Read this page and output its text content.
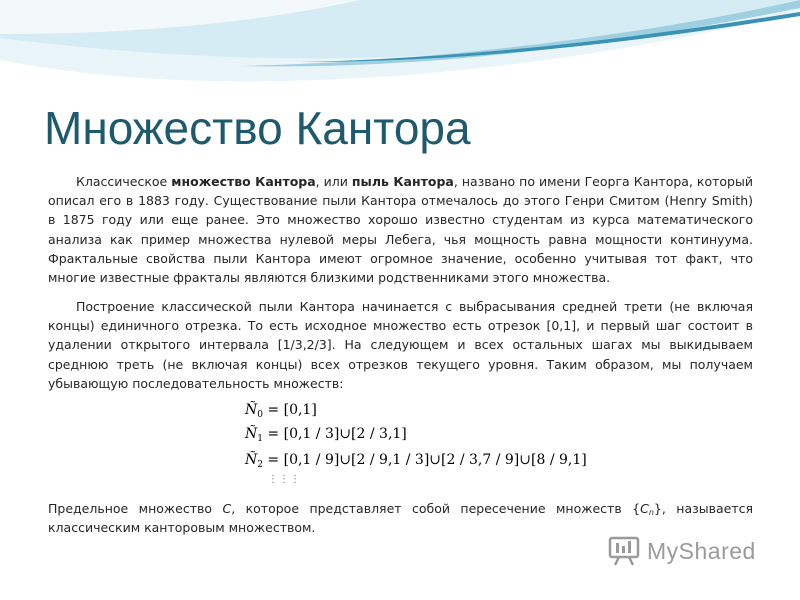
Множество Кантора

Классическое множество Кантора, или пыль Кантора, названо по имени Георга Кантора, который описал его в 1883 году. Существование пыли Кантора отмечалось до этого Генри Смитом (Henry Smith) в 1875 году или еще ранее. Это множество хорошо известно студентам из курса математического анализа как пример множества нулевой меры Лебега, чья мощность равна мощности континуума. Фрактальные свойства пыли Кантора имеют огромное значение, особенно учитывая тот факт, что многие известные фракталы являются близкими родственниками этого множества.

Построение классической пыли Кантора начинается с выбрасывания средней трети (не включая концы) единичного отрезка. То есть исходное множество есть отрезок [0,1], и первый шаг состоит в удалении открытого интервала [1/3,2/3]. На следующем и всех остальных шагах мы выкидываем среднюю треть (не включая концы) всех отрезков текущего уровня. Таким образом, мы получаем убывающую последовательность множеств:

$Ñ_0 = [0,1]$
$Ñ_1 = [0,1$ / 3]∪[2 / 3,1]
$Ñ_2 = [0,1$ / 9]∪[2 / 9,1 / 3]∪[2 / 3,7 / 9]∪[8 / 9,1]
⋮⋮⋮

Предельное множество C, которое представляет собой пересечение множеств $\{C_n\}$, называется классическим канторовым множеством.

MyShared
